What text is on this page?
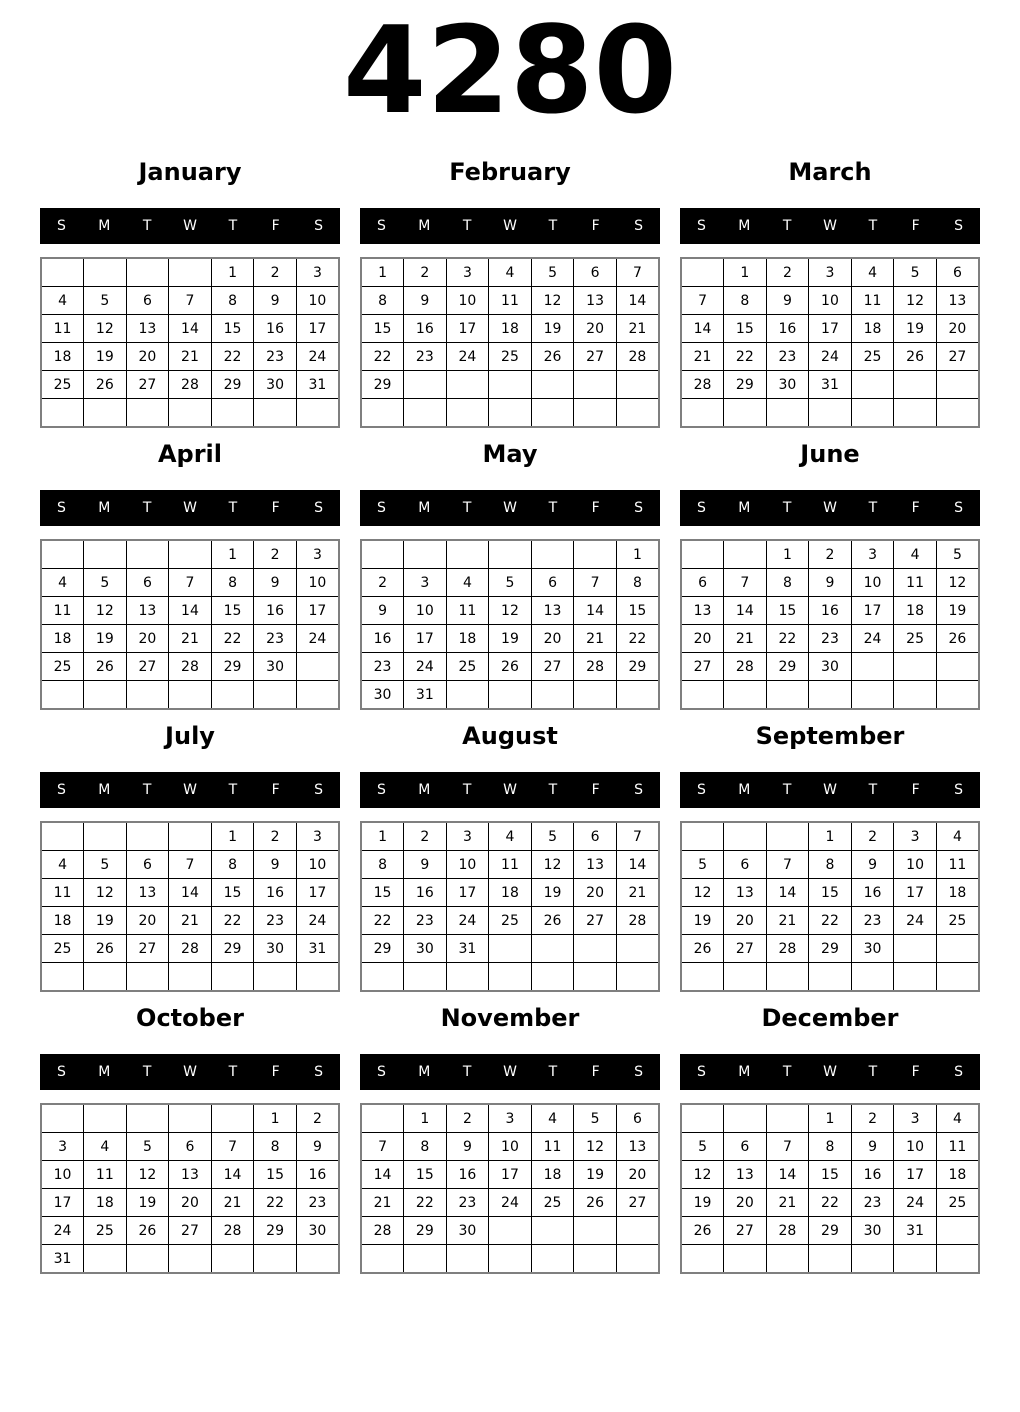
4280
January
S	M	T	W	T	F	S
				1	2	3
4	5	6	7	8	9	10
11	12	13	14	15	16	17
18	19	20	21	22	23	24
25	26	27	28	29	30	31

February
S	M	T	W	T	F	S
1	2	3	4	5	6	7
8	9	10	11	12	13	14
15	16	17	18	19	20	21
22	23	24	25	26	27	28
29						

March
S	M	T	W	T	F	S
	1	2	3	4	5	6
7	8	9	10	11	12	13
14	15	16	17	18	19	20
21	22	23	24	25	26	27
28	29	30	31			

April
S	M	T	W	T	F	S
				1	2	3
4	5	6	7	8	9	10
11	12	13	14	15	16	17
18	19	20	21	22	23	24
25	26	27	28	29	30	

May
S	M	T	W	T	F	S
						1
2	3	4	5	6	7	8
9	10	11	12	13	14	15
16	17	18	19	20	21	22
23	24	25	26	27	28	29
30	31					
June
S	M	T	W	T	F	S
		1	2	3	4	5
6	7	8	9	10	11	12
13	14	15	16	17	18	19
20	21	22	23	24	25	26
27	28	29	30			

July
S	M	T	W	T	F	S
				1	2	3
4	5	6	7	8	9	10
11	12	13	14	15	16	17
18	19	20	21	22	23	24
25	26	27	28	29	30	31

August
S	M	T	W	T	F	S
1	2	3	4	5	6	7
8	9	10	11	12	13	14
15	16	17	18	19	20	21
22	23	24	25	26	27	28
29	30	31				

September
S	M	T	W	T	F	S
			1	2	3	4
5	6	7	8	9	10	11
12	13	14	15	16	17	18
19	20	21	22	23	24	25
26	27	28	29	30		

October
S	M	T	W	T	F	S
					1	2
3	4	5	6	7	8	9
10	11	12	13	14	15	16
17	18	19	20	21	22	23
24	25	26	27	28	29	30
31						
November
S	M	T	W	T	F	S
	1	2	3	4	5	6
7	8	9	10	11	12	13
14	15	16	17	18	19	20
21	22	23	24	25	26	27
28	29	30				

December
S	M	T	W	T	F	S
			1	2	3	4
5	6	7	8	9	10	11
12	13	14	15	16	17	18
19	20	21	22	23	24	25
26	27	28	29	30	31	
